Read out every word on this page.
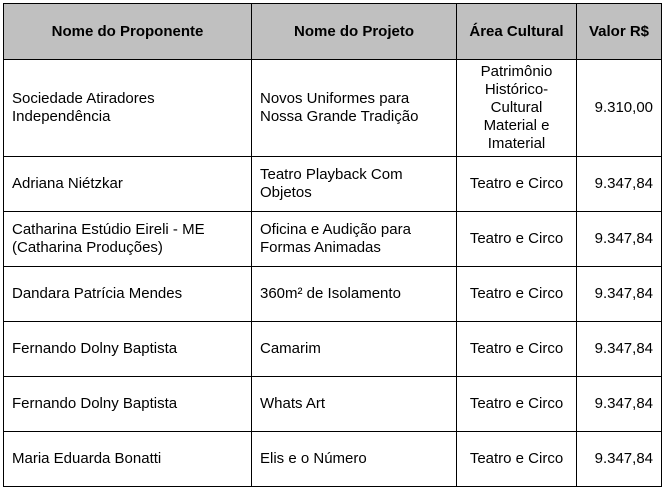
Nome do Proponente	Nome do Projeto	Área Cultural	Valor R$
Sociedade Atiradores Independência	Novos Uniformes para Nossa Grande Tradição	Patrimônio Histórico-Cultural Material e Imaterial	9.310,00
Adriana Niétzkar	Teatro Playback Com Objetos	Teatro e Circo	9.347,84
Catharina Estúdio Eireli - ME (Catharina Produções)	Oficina e Audição para Formas Animadas	Teatro e Circo	9.347,84
Dandara Patrícia Mendes	360m² de Isolamento	Teatro e Circo	9.347,84
Fernando Dolny Baptista	Camarim	Teatro e Circo	9.347,84
Fernando Dolny Baptista	Whats Art	Teatro e Circo	9.347,84
Maria Eduarda Bonatti	Elis e o Número	Teatro e Circo	9.347,84
